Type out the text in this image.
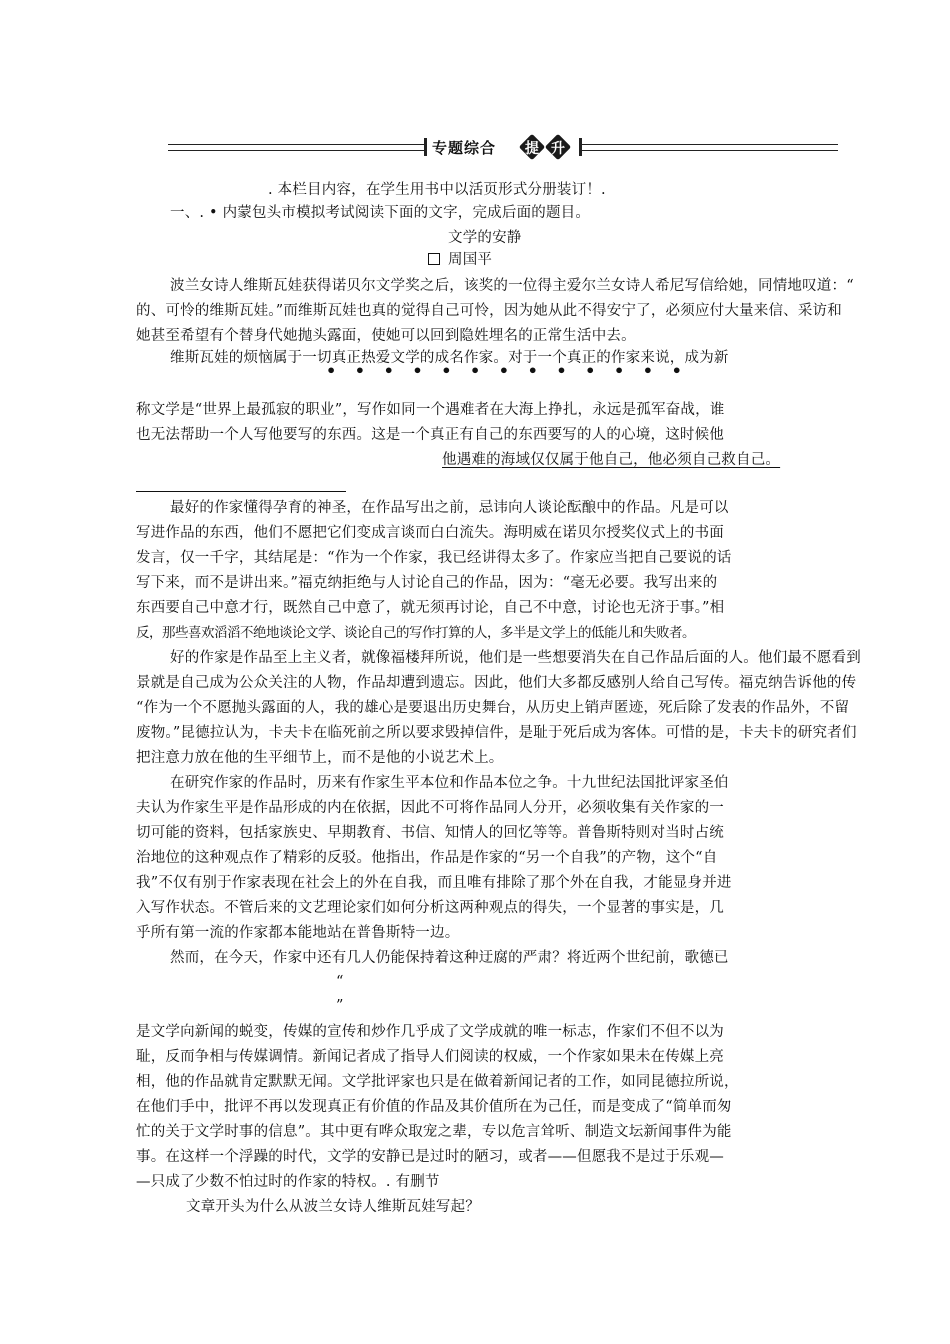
专题综合	提 升
. 本栏目内容，在学生用书中以活页形式分册装订！.
一、. • 内蒙包头市模拟考试阅读下面的文字，完成后面的题目。
文学的安静
周国平
波兰女诗人维斯瓦娃获得诺贝尔文学奖之后，该奖的一位得主爱尔兰女诗人希尼写信给她，同情地叹道：“
的、可怜的维斯瓦娃。”而维斯瓦娃也真的觉得自己可怜，因为她从此不得安宁了，必须应付大量来信、采访和
她甚至希望有个替身代她抛头露面，使她可以回到隐姓埋名的正常生活中去。
维斯瓦娃的烦恼属于一切真正热爱文学的成名作家。对于一个真正的作家来说，成为新
• • • • • • • • • • • • •
称文学是“世界上最孤寂的职业”，写作如同一个遇难者在大海上挣扎，永远是孤军奋战，谁
也无法帮助一个人写他要写的东西。这是一个真正有自己的东西要写的人的心境，这时候他
他遇难的海域仅仅属于他自己，他必须自己救自己。
最好的作家懂得孕育的神圣，在作品写出之前，忌讳向人谈论酝酿中的作品。凡是可以
写进作品的东西，他们不愿把它们变成言谈而白白流失。海明威在诺贝尔授奖仪式上的书面
发言，仅一千字，其结尾是：“作为一个作家，我已经讲得太多了。作家应当把自己要说的话
写下来，而不是讲出来。”福克纳拒绝与人讨论自己的作品，因为：“毫无必要。我写出来的
东西要自己中意才行，既然自己中意了，就无须再讨论，自己不中意，讨论也无济于事。”相
反，那些喜欢滔滔不绝地谈论文学、谈论自己的写作打算的人，多半是文学上的低能儿和失败者。
好的作家是作品至上主义者，就像福楼拜所说，他们是一些想要消失在自己作品后面的人。他们最不愿看到
景就是自己成为公众关注的人物，作品却遭到遗忘。因此，他们大多都反感别人给自己写传。福克纳告诉他的传
“作为一个不愿抛头露面的人，我的雄心是要退出历史舞台，从历史上销声匿迹，死后除了发表的作品外，不留
废物。”昆德拉认为，卡夫卡在临死前之所以要求毁掉信件，是耻于死后成为客体。可惜的是，卡夫卡的研究者们
把注意力放在他的生平细节上，而不是他的小说艺术上。
在研究作家的作品时，历来有作家生平本位和作品本位之争。十九世纪法国批评家圣伯
夫认为作家生平是作品形成的内在依据，因此不可将作品同人分开，必须收集有关作家的一
切可能的资料，包括家族史、早期教育、书信、知情人的回忆等等。普鲁斯特则对当时占统
治地位的这种观点作了精彩的反驳。他指出，作品是作家的“另一个自我”的产物，这个“自
我”不仅有别于作家表现在社会上的外在自我，而且唯有排除了那个外在自我，才能显身并进
入写作状态。不管后来的文艺理论家们如何分析这两种观点的得失，一个显著的事实是，几
乎所有第一流的作家都本能地站在普鲁斯特一边。
然而，在今天，作家中还有几人仍能保持着这种迂腐的严肃？将近两个世纪前，歌德已
“
”
是文学向新闻的蜕变，传媒的宣传和炒作几乎成了文学成就的唯一标志，作家们不但不以为
耻，反而争相与传媒调情。新闻记者成了指导人们阅读的权威，一个作家如果未在传媒上亮
相，他的作品就肯定默默无闻。文学批评家也只是在做着新闻记者的工作，如同昆德拉所说，
在他们手中，批评不再以发现真正有价值的作品及其价值所在为己任，而是变成了“简单而匆
忙的关于文学时事的信息”。其中更有哗众取宠之辈，专以危言耸听、制造文坛新闻事件为能
事。在这样一个浮躁的时代，文学的安静已是过时的陋习，或者——但愿我不是过于乐观—
—只成了少数不怕过时的作家的特权。. 有删节
文章开头为什么从波兰女诗人维斯瓦娃写起？
